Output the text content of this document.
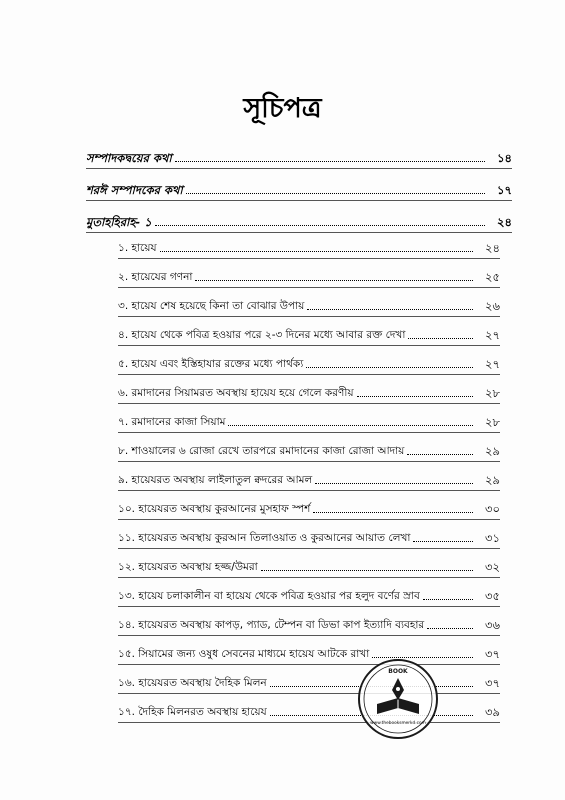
সূচিপত্র
সম্পাদকদ্বয়ের কথা	১৪
শরঈ সম্পাদকের কথা	১৭
মুতাহহিরাহ- ১	২৪
১. হায়েয	২৪
২. হায়েযের গণনা	২৫
৩. হায়েয শেষ হয়েছে কিনা তা বোঝার উপায়	২৬
৪. হায়েয থেকে পবিত্র হওয়ার পরে ২-৩ দিনের মধ্যে আবার রক্ত দেখা	২৭
৫. হায়েয এবং ইস্তিহাযার রক্তের মধ্যে পার্থক্য	২৭
৬. রমাদানের সিয়ামরত অবস্থায় হায়েয হয়ে গেলে করণীয়	২৮
৭. রমাদানের কাজা সিয়াম	২৮
৮. শাওয়ালের ৬ রোজা রেখে তারপরে রমাদানের কাজা রোজা আদায়	২৯
৯. হায়েযরত অবস্থায় লাইলাতুল ক্বদরের আমল	২৯
১০. হায়েযরত অবস্থায় কুরআনের মুসহাফ স্পর্শ	৩০
১১. হায়েযরত অবস্থায় কুরআন তিলাওয়াত ও কুরআনের আয়াত লেখা	৩১
১২. হায়েযরত অবস্থায় হজ্জ/উমরা	৩২
১৩. হায়েয চলাকালীন বা হায়েয থেকে পবিত্র হওয়ার পর হলুদ বর্ণের স্রাব	৩৫
১৪. হায়েযরত অবস্থায় কাপড়, প্যাড, টেম্পন বা ডিভা কাপ ইত্যাদি ব্যবহার	৩৬
১৫. সিয়ামের জন্য ওষুধ সেবনের মাধ্যমে হায়েয আটকে রাখা	৩৭
১৬. হায়েযরত অবস্থায় দৈহিক মিলন	৩৭
১৭. দৈহিক মিলনরত অবস্থায় হায়েয	৩৯
BOOK
www.thebooksmerkd.com
